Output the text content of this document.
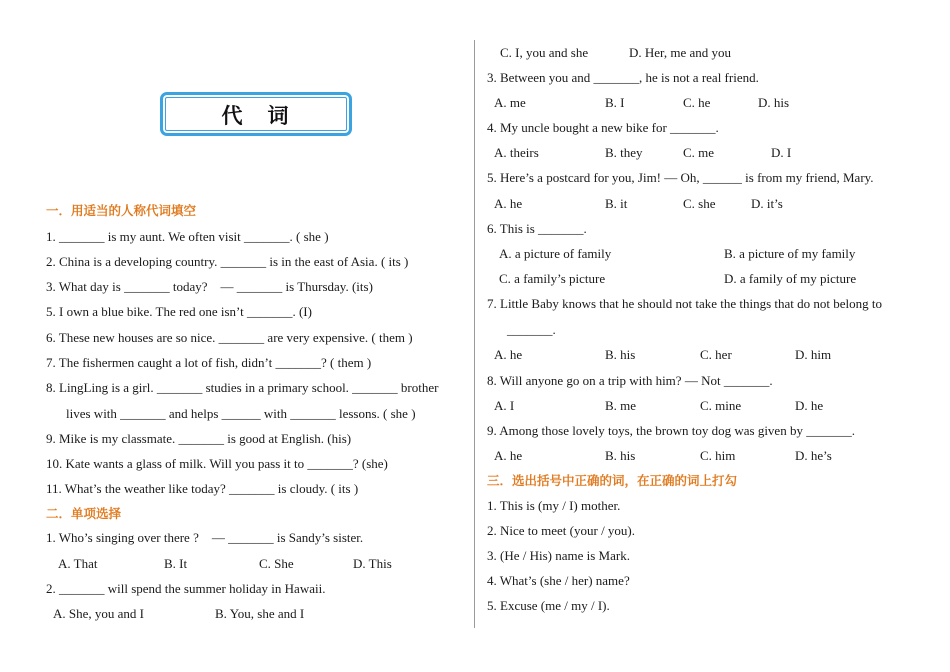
代　词
一．用适当的人称代词填空
1. _______ is my aunt. We often visit _______. ( she )
2. China is a developing country. _______ is in the east of Asia. ( its )
3. What day is _______ today?　— _______ is Thursday. (its)
5. I own a blue bike. The red one isn’t _______. (I)
6. These new houses are so nice. _______ are very expensive. ( them )
7. The fishermen caught a lot of fish, didn’t _______? ( them )
8. LingLing is a girl. _______ studies in a primary school. _______ brother
lives with _______ and helps ______ with _______ lessons. ( she )
9. Mike is my classmate. _______ is good at English. (his)
10. Kate wants a glass of milk. Will you pass it to _______? (she)
11. What’s the weather like today? _______ is cloudy. ( its )
二．单项选择
1. Who’s singing over there ?　— _______ is Sandy’s sister.
A. That	B. It	C. She	D. This
2. _______ will spend the summer holiday in Hawaii.
A. She, you and I	B. You, she and I
C. I, you and she	D. Her, me and you
3. Between you and _______, he is not a real friend.
A. me	B. I	C. he	D. his
4. My uncle bought a new bike for _______.
A. theirs	B. they	C. me	D. I
5. Here’s a postcard for you, Jim! — Oh, ______ is from my friend, Mary.
A. he	B. it	C. she	D. it’s
6. This is _______.
A. a picture of family	B. a picture of my family
C. a family’s picture	D. a family of my picture
7. Little Baby knows that he should not take the things that do not belong to
_______.
A. he	B. his	C. her	D. him
8. Will anyone go on a trip with him? — Not _______.
A. I	B. me	C. mine	D. he
9. Among those lovely toys, the brown toy dog was given by _______.
A. he	B. his	C. him	D. he’s
三．选出括号中正确的词，在正确的词上打勾
1. This is (my / I) mother.
2. Nice to meet (your / you).
3. (He / His) name is Mark.
4. What’s (she / her) name?
5. Excuse (me / my / I).
